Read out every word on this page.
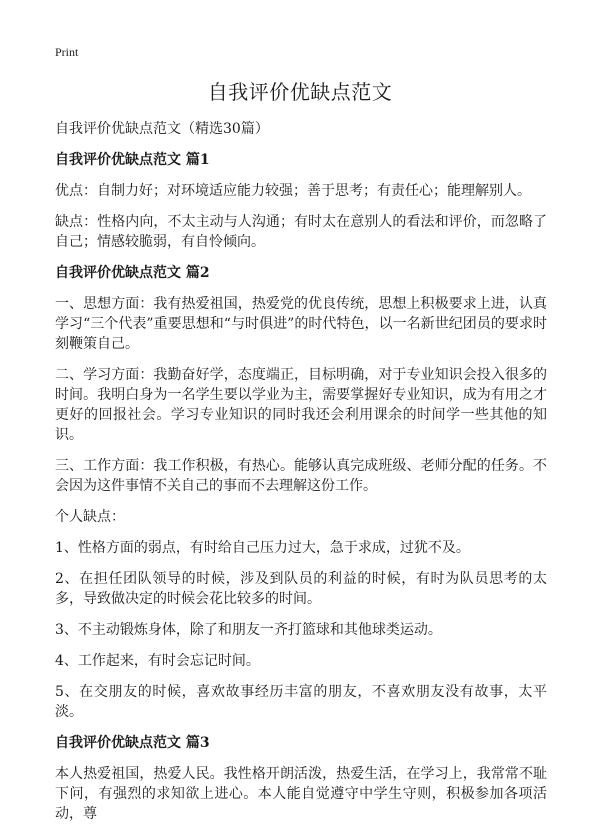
Print
自我评价优缺点范文

自我评价优缺点范文（精选30篇）

自我评价优缺点范文 篇1

优点：自制力好；对环境适应能力较强；善于思考；有责任心；能理解别人。

缺点：性格内向，不太主动与人沟通；有时太在意别人的看法和评价，而忽略了自己；情感较脆弱，有自怜倾向。

自我评价优缺点范文 篇2

一、思想方面：我有热爱祖国，热爱党的优良传统，思想上积极要求上进，认真学习“三个代表”重要思想和“与时俱进”的时代特色，以一名新世纪团员的要求时刻鞭策自己。

二、学习方面：我勤奋好学，态度端正，目标明确，对于专业知识会投入很多的时间。我明白身为一名学生要以学业为主，需要掌握好专业知识，成为有用之才更好的回报社会。学习专业知识的同时我还会利用课余的时间学一些其他的知识。

三、工作方面：我工作积极，有热心。能够认真完成班级、老师分配的任务。不会因为这件事情不关自己的事而不去理解这份工作。

个人缺点：

1、性格方面的弱点，有时给自己压力过大，急于求成，过犹不及。

2、在担任团队领导的时候，涉及到队员的利益的时候，有时为队员思考的太多，导致做决定的时候会花比较多的时间。

3、不主动锻炼身体，除了和朋友一齐打篮球和其他球类运动。

4、工作起来，有时会忘记时间。

5、在交朋友的时候，喜欢故事经历丰富的朋友，不喜欢朋友没有故事，太平淡。

自我评价优缺点范文 篇3

本人热爱祖国，热爱人民。我性格开朗活泼，热爱生活，在学习上，我常常不耻下问，有强烈的求知欲上进心。本人能自觉遵守中学生守则，积极参加各项活动，尊
